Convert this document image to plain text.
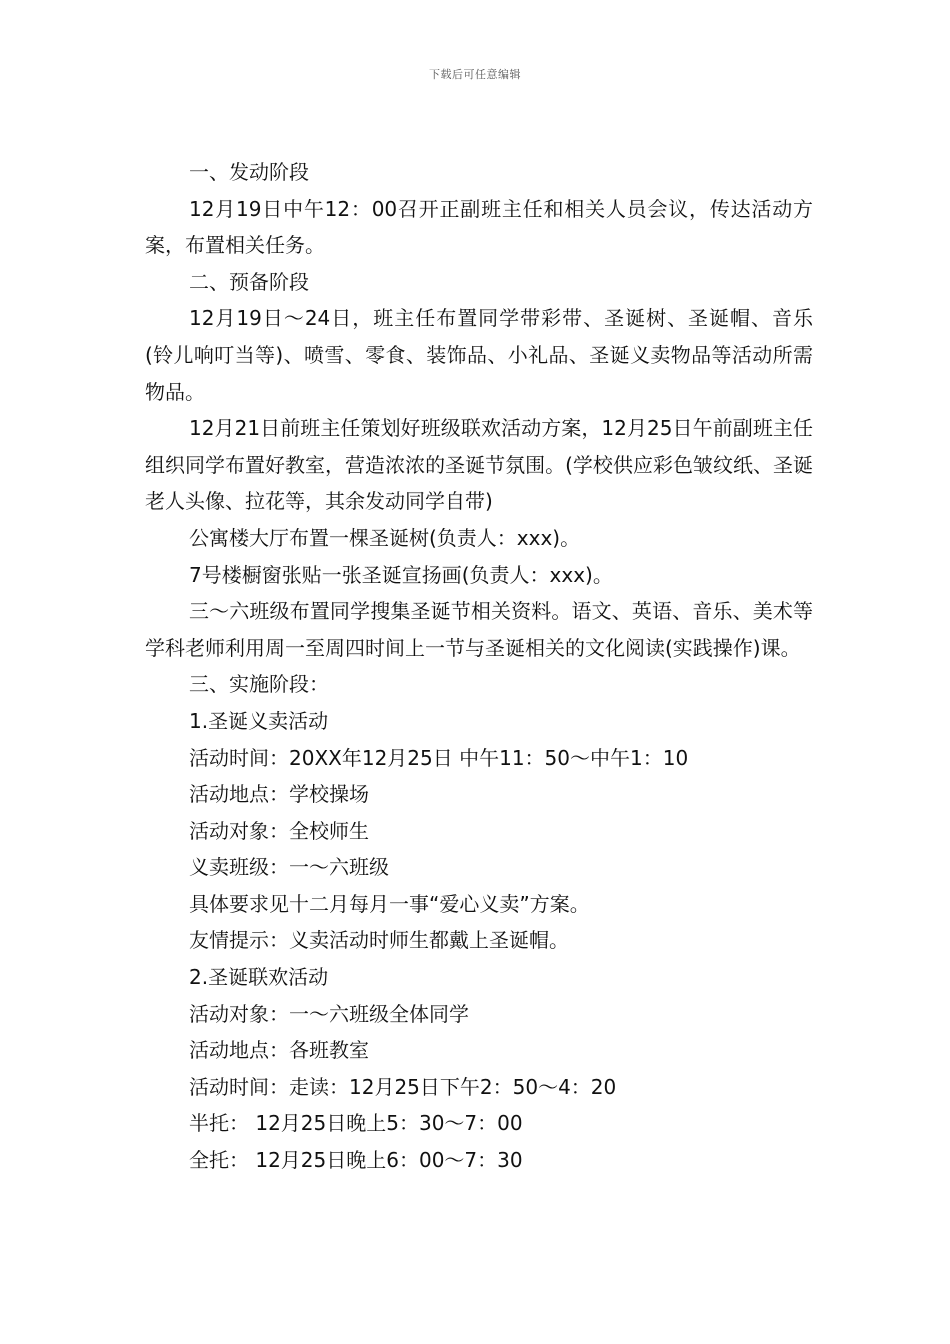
下载后可任意编辑

一、发动阶段

12月19日中午12：00召开正副班主任和相关人员会议，传达活动方案，布置相关任务。

二、预备阶段

12月19日～24日，班主任布置同学带彩带、圣诞树、圣诞帽、音乐(铃儿响叮当等)、喷雪、零食、装饰品、小礼品、圣诞义卖物品等活动所需物品。

12月21日前班主任策划好班级联欢活动方案，12月25日午前副班主任组织同学布置好教室，营造浓浓的圣诞节氛围。(学校供应彩色皱纹纸、圣诞老人头像、拉花等，其余发动同学自带)

公寓楼大厅布置一棵圣诞树(负责人：xxx)。

7号楼橱窗张贴一张圣诞宣扬画(负责人：xxx)。

三～六班级布置同学搜集圣诞节相关资料。语文、英语、音乐、美术等学科老师利用周一至周四时间上一节与圣诞相关的文化阅读(实践操作)课。

三、实施阶段：

1.圣诞义卖活动

活动时间：20XX年12月25日 中午11：50～中午1：10

活动地点：学校操场

活动对象：全校师生

义卖班级：一～六班级

具体要求见十二月每月一事“爱心义卖”方案。

友情提示：义卖活动时师生都戴上圣诞帽。

2.圣诞联欢活动

活动对象：一～六班级全体同学

活动地点：各班教室

活动时间：走读：12月25日下午2：50～4：20

半托： 12月25日晚上5：30～7：00

全托： 12月25日晚上6：00～7：30
